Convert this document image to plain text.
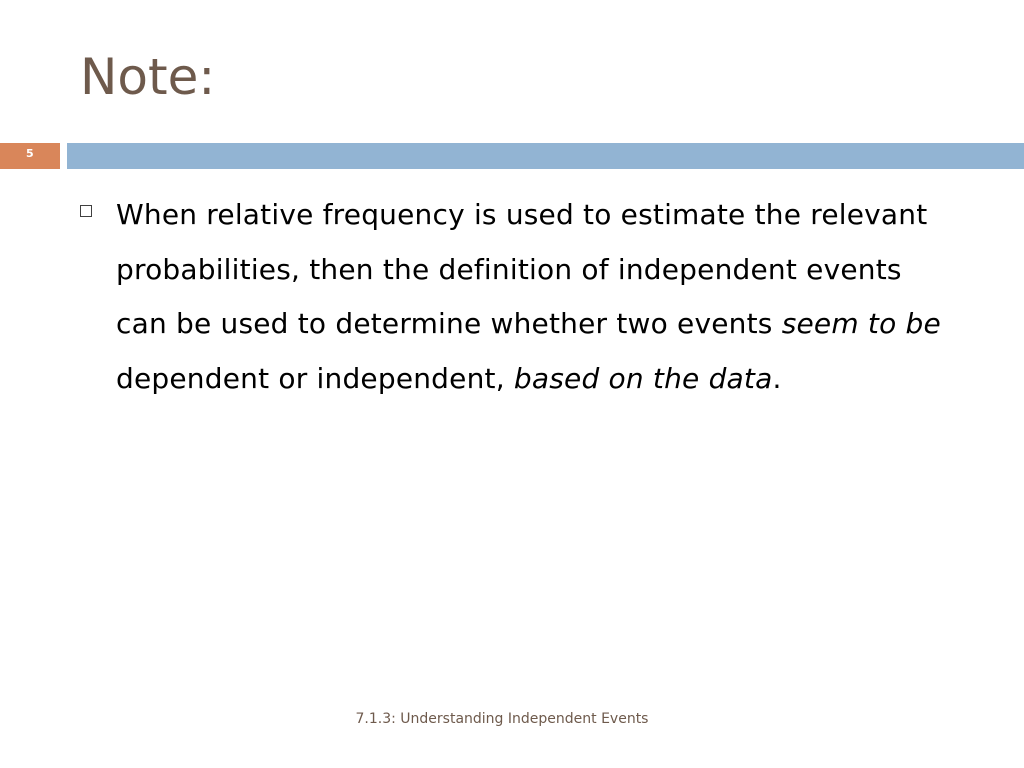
Note:
5

When relative frequency is used to estimate the relevant probabilities, then the definition of independent events can be used to determine whether two events seem to be dependent or independent, based on the data.

7.1.3: Understanding Independent Events
